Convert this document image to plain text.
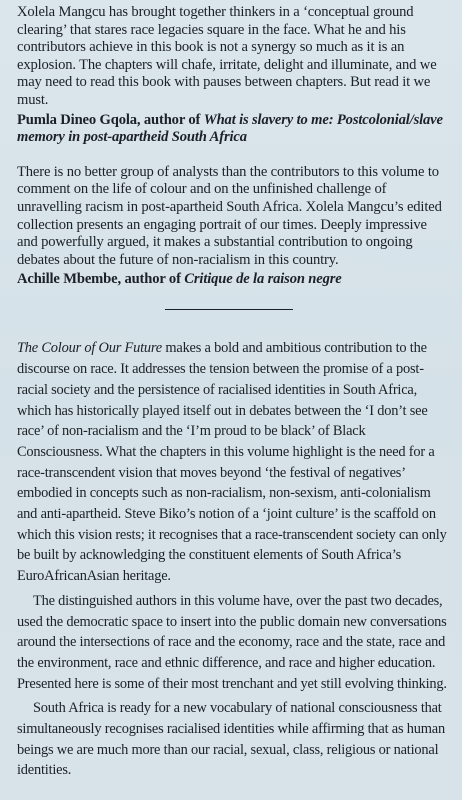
Xolela Mangcu has brought together thinkers in a ‘conceptual ground clearing’ that stares race legacies square in the face. What he and his contributors achieve in this book is not a synergy so much as it is an explosion. The chapters will chafe, irritate, delight and illuminate, and we may need to read this book with pauses between chapters. But read it we must.

Pumla Dineo Gqola, author of What is slavery to me: Postcolonial/slave memory in post-apartheid South Africa

There is no better group of analysts than the contributors to this volume to comment on the life of colour and on the unfinished challenge of unravelling racism in post-apartheid South Africa. Xolela Mangcu’s edited collection presents an engaging portrait of our times. Deeply impressive and powerfully argued, it makes a substantial contribution to ongoing debates about the future of non-racialism in this country.

Achille Mbembe, author of Critique de la raison negre

The Colour of Our Future makes a bold and ambitious contribution to the discourse on race. It addresses the tension between the promise of a post-racial society and the persistence of racialised identities in South Africa, which has historically played itself out in debates between the ‘I don’t see race’ of non-racialism and the ‘I’m proud to be black’ of Black Consciousness. What the chapters in this volume highlight is the need for a race-transcendent vision that moves beyond ‘the festival of negatives’ embodied in concepts such as non-racialism, non-sexism, anti-colonialism and anti-apartheid. Steve Biko’s notion of a ‘joint culture’ is the scaffold on which this vision rests; it recognises that a race-transcendent society can only be built by acknowledging the constituent elements of South Africa’s EuroAfricanAsian heritage.

The distinguished authors in this volume have, over the past two decades, used the democratic space to insert into the public domain new conversations around the intersections of race and the economy, race and the state, race and the environment, race and ethnic difference, and race and higher education. Presented here is some of their most trenchant and yet still evolving thinking.

South Africa is ready for a new vocabulary of national consciousness that simultaneously recognises racialised identities while affirming that as human beings we are much more than our racial, sexual, class, religious or national identities.
